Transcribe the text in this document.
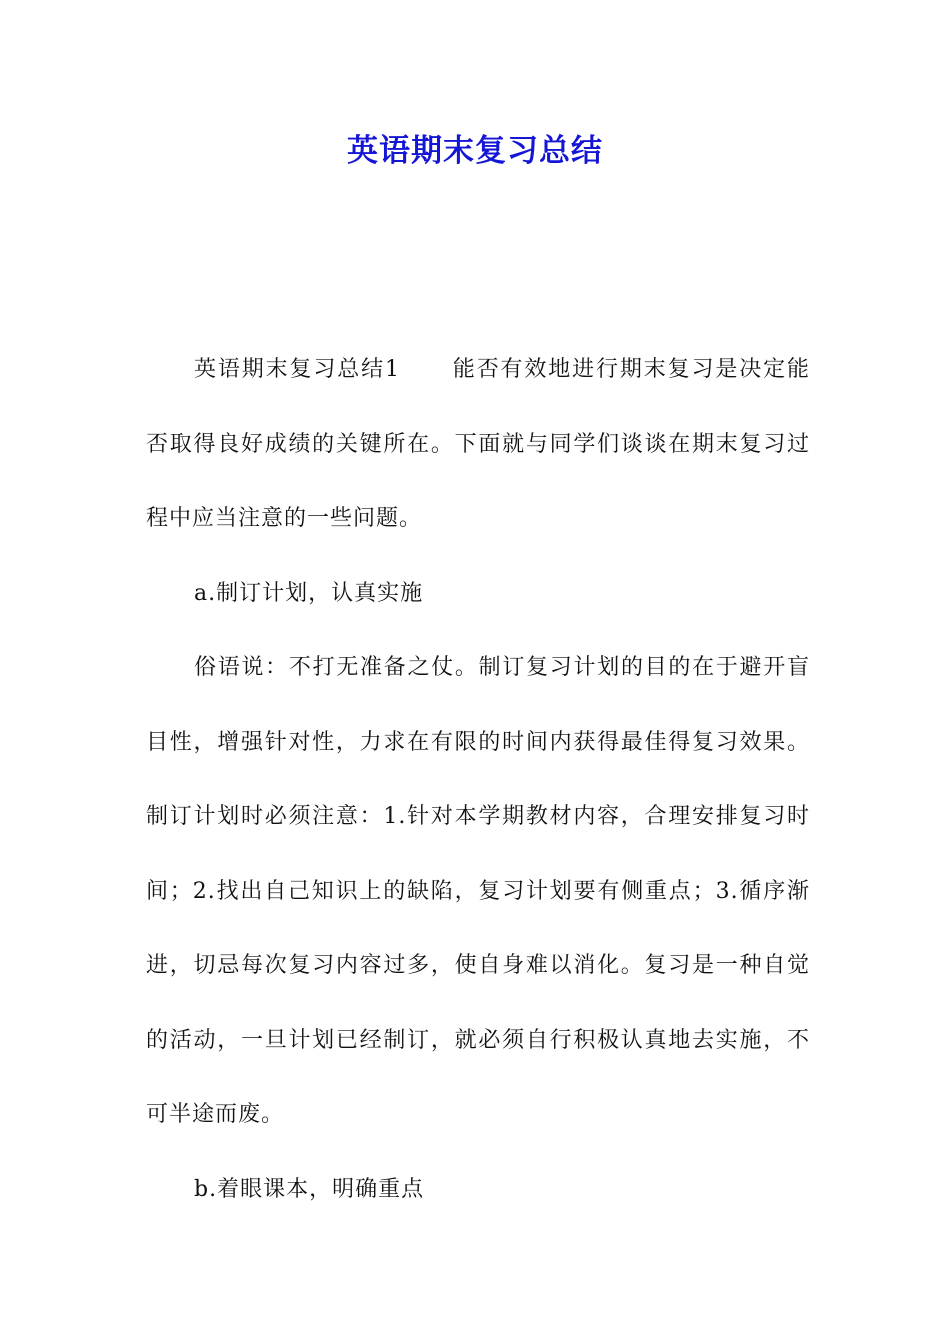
英语期末复习总结

英语期末复习总结1 能否有效地进行期末复习是决定能否取得良好成绩的关键所在。下面就与同学们谈谈在期末复习过程中应当注意的一些问题。

a.制订计划，认真实施

俗语说：不打无准备之仗。制订复习计划的目的在于避开盲目性，增强针对性，力求在有限的时间内获得最佳得复习效果。制订计划时必须注意：1.针对本学期教材内容，合理安排复习时间；2.找出自己知识上的缺陷，复习计划要有侧重点；3.循序渐进，切忌每次复习内容过多，使自身难以消化。复习是一种自觉的活动，一旦计划已经制订，就必须自行积极认真地去实施，不可半途而废。

b.着眼课本，明确重点
